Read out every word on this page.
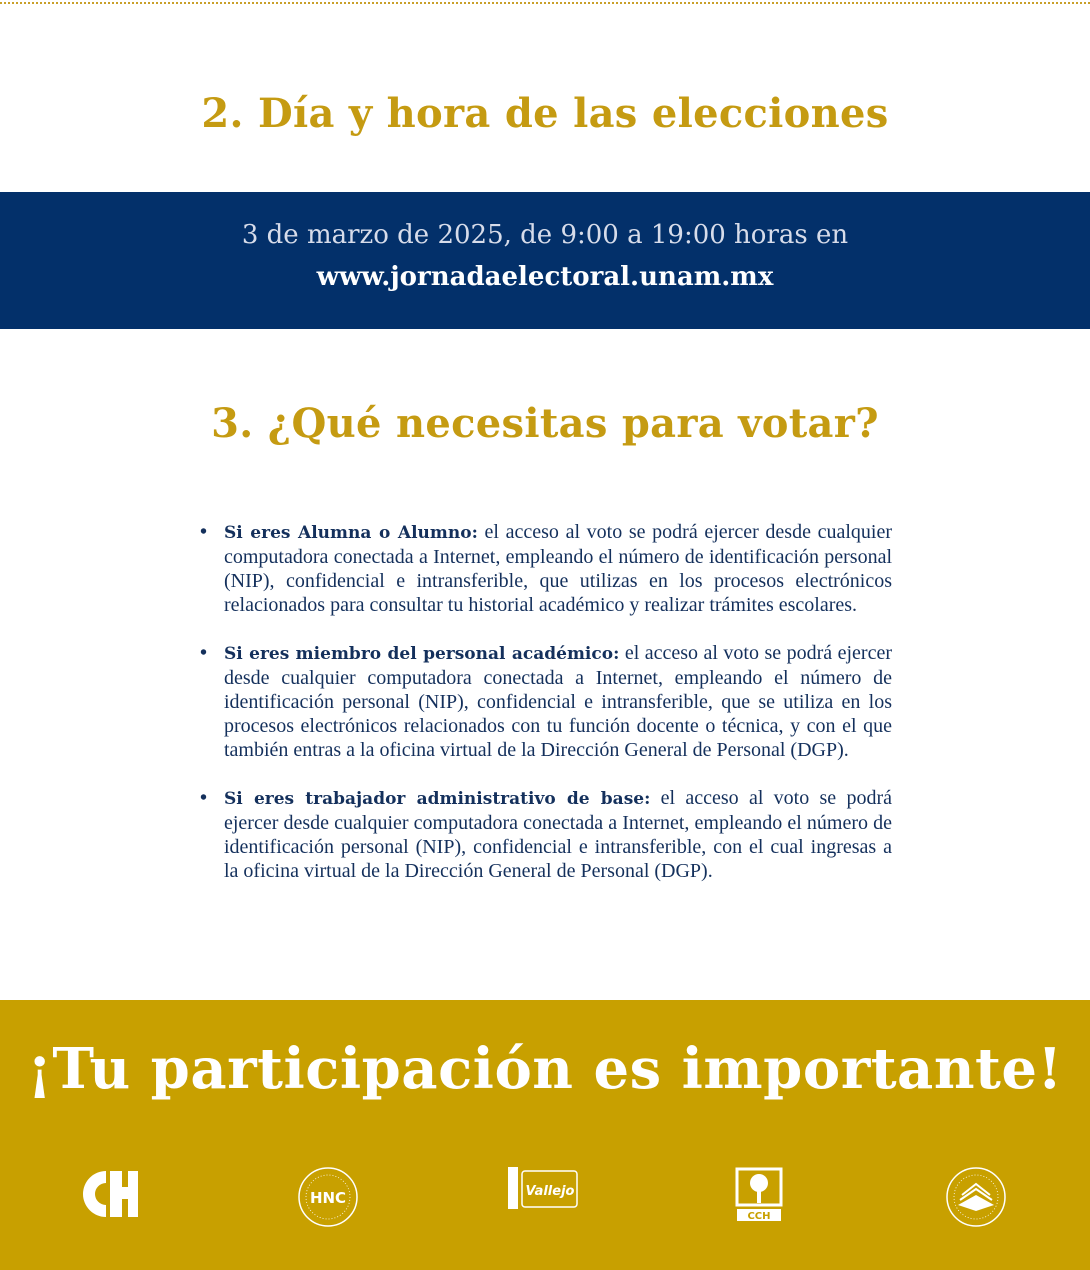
2. Día y hora de las elecciones
3 de marzo de 2025, de 9:00 a 19:00 horas en
www.jornadaelectoral.unam.mx
3. ¿Qué necesitas para votar?
• Si eres Alumna o Alumno: el acceso al voto se podrá ejercer desde cualquier computadora conectada a Internet, empleando el número de identificación personal (NIP), confidencial e intransferible, que utilizas en los procesos electrónicos relacionados para consultar tu historial académico y realizar trámites escolares.
• Si eres miembro del personal académico: el acceso al voto se podrá ejercer desde cualquier computadora conectada a Internet, empleando el número de identificación personal (NIP), confidencial e intransferible, que se utiliza en los procesos electrónicos relacionados con tu función docente o técnica, y con el que también entras a la oficina virtual de la Dirección General de Personal (DGP).
• Si eres trabajador administrativo de base: el acceso al voto se podrá ejercer desde cualquier computadora conectada a Internet, empleando el número de identificación personal (NIP), confidencial e intransferible, con el cual ingresas a la oficina virtual de la Dirección General de Personal (DGP).
¡Tu participación es importante!
HNC	Vallejo
CCH
